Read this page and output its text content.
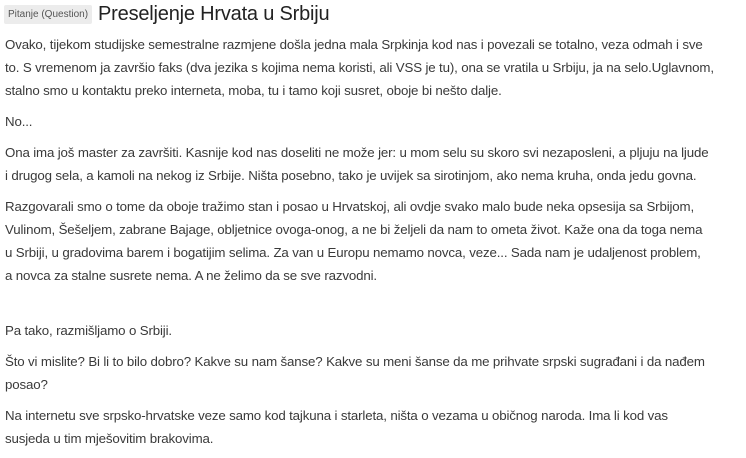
Pitanje (Question) Preseljenje Hrvata u Srbiju

Ovako, tijekom studijske semestralne razmjene došla jedna mala Srpkinja kod nas i povezali se totalno, veza odmah i sve
to. S vremenom ja završio faks (dva jezika s kojima nema koristi, ali VSS je tu), ona se vratila u Srbiju, ja na selo.Uglavnom,
stalno smo u kontaktu preko interneta, moba, tu i tamo koji susret, oboje bi nešto dalje.

No...

Ona ima još master za završiti. Kasnije kod nas doseliti ne može jer: u mom selu su skoro svi nezaposleni, a pljuju na ljude
i drugog sela, a kamoli na nekog iz Srbije. Ništa posebno, tako je uvijek sa sirotinjom, ako nema kruha, onda jedu govna.

Razgovarali smo o tome da oboje tražimo stan i posao u Hrvatskoj, ali ovdje svako malo bude neka opsesija sa Srbijom,
Vulinom, Šešeljem, zabrane Bajage, obljetnice ovoga-onog, a ne bi željeli da nam to ometa život. Kaže ona da toga nema
u Srbiji, u gradovima barem i bogatijim selima. Za van u Europu nemamo novca, veze... Sada nam je udaljenost problem,
a novca za stalne susrete nema. A ne želimo da se sve razvodni.

Pa tako, razmišljamo o Srbiji.

Što vi mislite? Bi li to bilo dobro? Kakve su nam šanse? Kakve su meni šanse da me prihvate srpski sugrađani i da nađem
posao?

Na internetu sve srpsko-hrvatske veze samo kod tajkuna i starleta, ništa o vezama u običnog naroda. Ima li kod vas
susjeda u tim mješovitim brakovima.
